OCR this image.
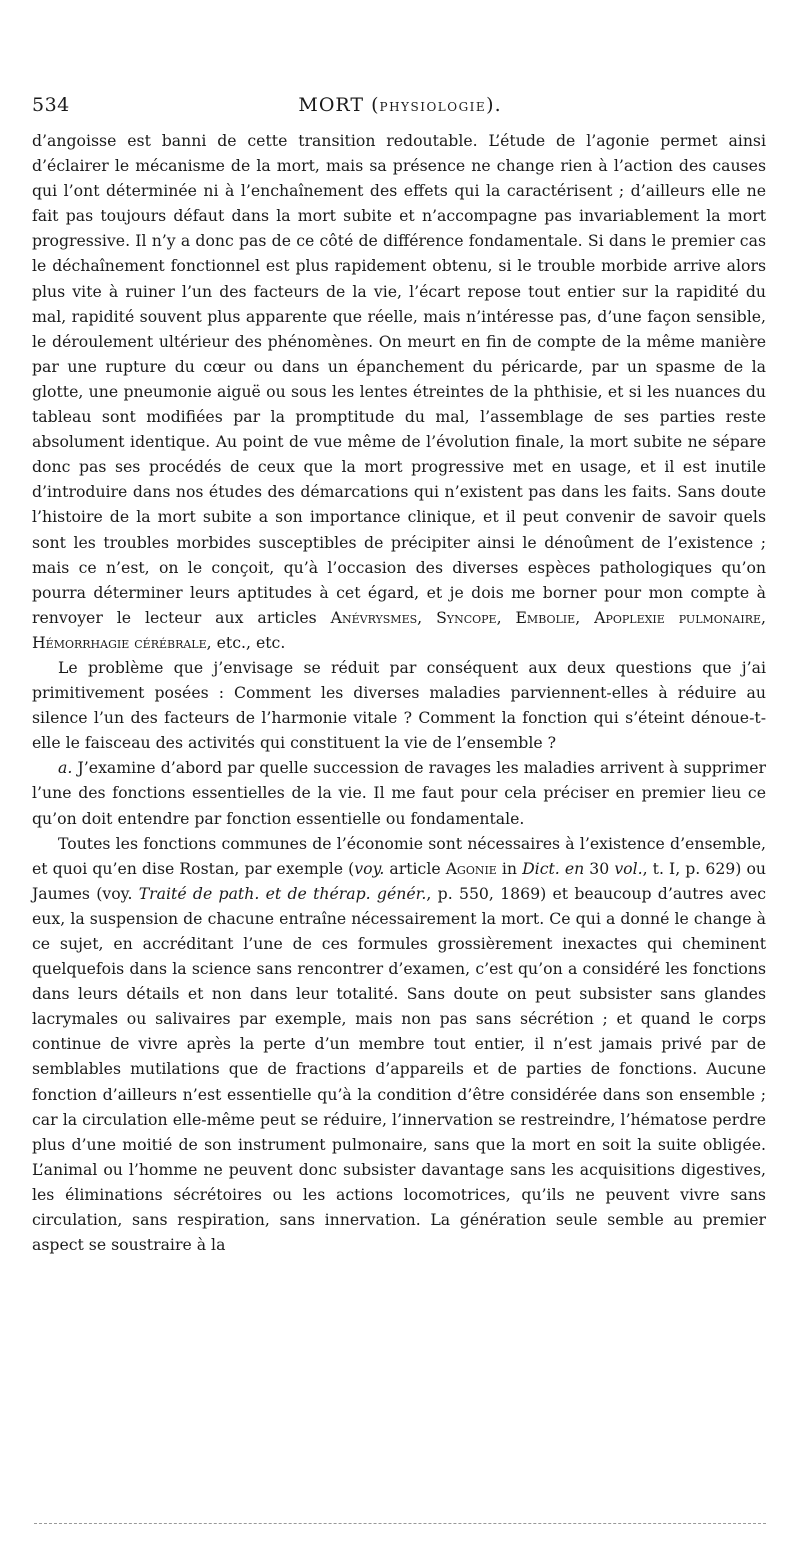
534	MORT (PHYSIOLOGIE).

d’angoisse est banni de cette transition redoutable. L’étude de l’agonie permet ainsi d’éclairer le mécanisme de la mort, mais sa présence ne change rien à l’action des causes qui l’ont déterminée ni à l’enchaînement des effets qui la caractérisent ; d’ailleurs elle ne fait pas toujours défaut dans la mort subite et n’accompagne pas invariablement la mort progressive. Il n’y a donc pas de ce côté de différence fondamentale. Si dans le premier cas le déchaînement fonctionnel est plus rapidement obtenu, si le trouble morbide arrive alors plus vite à ruiner l’un des facteurs de la vie, l’écart repose tout entier sur la rapidité du mal, rapidité souvent plus apparente que réelle, mais n’intéresse pas, d’une façon sensible, le déroulement ultérieur des phénomènes. On meurt en fin de compte de la même manière par une rupture du cœur ou dans un épanchement du péricarde, par un spasme de la glotte, une pneumonie aiguë ou sous les lentes étreintes de la phthisie, et si les nuances du tableau sont modifiées par la promptitude du mal, l’assemblage de ses parties reste absolument identique. Au point de vue même de l’évolution finale, la mort subite ne sépare donc pas ses procédés de ceux que la mort progressive met en usage, et il est inutile d’introduire dans nos études des démarcations qui n’existent pas dans les faits. Sans doute l’histoire de la mort subite a son importance clinique, et il peut convenir de savoir quels sont les troubles morbides susceptibles de précipiter ainsi le dénoûment de l’existence ; mais ce n’est, on le conçoit, qu’à l’occasion des diverses espèces pathologiques qu’on pourra déterminer leurs aptitudes à cet égard, et je dois me borner pour mon compte à renvoyer le lecteur aux articles Anévrysmes, Syncope, Embolie, Apoplexie pulmonaire, Hémorrhagie cérébrale, etc., etc.

Le problème que j’envisage se réduit par conséquent aux deux questions que j’ai primitivement posées : Comment les diverses maladies parviennent-elles à réduire au silence l’un des facteurs de l’harmonie vitale ? Comment la fonction qui s’éteint dénoue-t-elle le faisceau des activités qui constituent la vie de l’ensemble ?

a. J’examine d’abord par quelle succession de ravages les maladies arrivent à supprimer l’une des fonctions essentielles de la vie. Il me faut pour cela préciser en premier lieu ce qu’on doit entendre par fonction essentielle ou fondamentale.

Toutes les fonctions communes de l’économie sont nécessaires à l’existence d’ensemble, et quoi qu’en dise Rostan, par exemple (voy. article Agonie in Dict. en 30 vol., t. I, p. 629) ou Jaumes (voy. Traité de path. et de thérap. génér., p. 550, 1869) et beaucoup d’autres avec eux, la suspension de chacune entraîne nécessairement la mort. Ce qui a donné le change à ce sujet, en accréditant l’une de ces formules grossièrement inexactes qui cheminent quelquefois dans la science sans rencontrer d’examen, c’est qu’on a considéré les fonctions dans leurs détails et non dans leur totalité. Sans doute on peut subsister sans glandes lacrymales ou salivaires par exemple, mais non pas sans sécrétion ; et quand le corps continue de vivre après la perte d’un membre tout entier, il n’est jamais privé par de semblables mutilations que de fractions d’appareils et de parties de fonctions. Aucune fonction d’ailleurs n’est essentielle qu’à la condition d’être considérée dans son ensemble ; car la circulation elle-même peut se réduire, l’innervation se restreindre, l’hématose perdre plus d’une moitié de son instrument pulmonaire, sans que la mort en soit la suite obligée. L’animal ou l’homme ne peuvent donc subsister davantage sans les acquisitions digestives, les éliminations sécrétoires ou les actions locomotrices, qu’ils ne peuvent vivre sans circulation, sans respiration, sans innervation. La génération seule semble au premier aspect se soustraire à la
